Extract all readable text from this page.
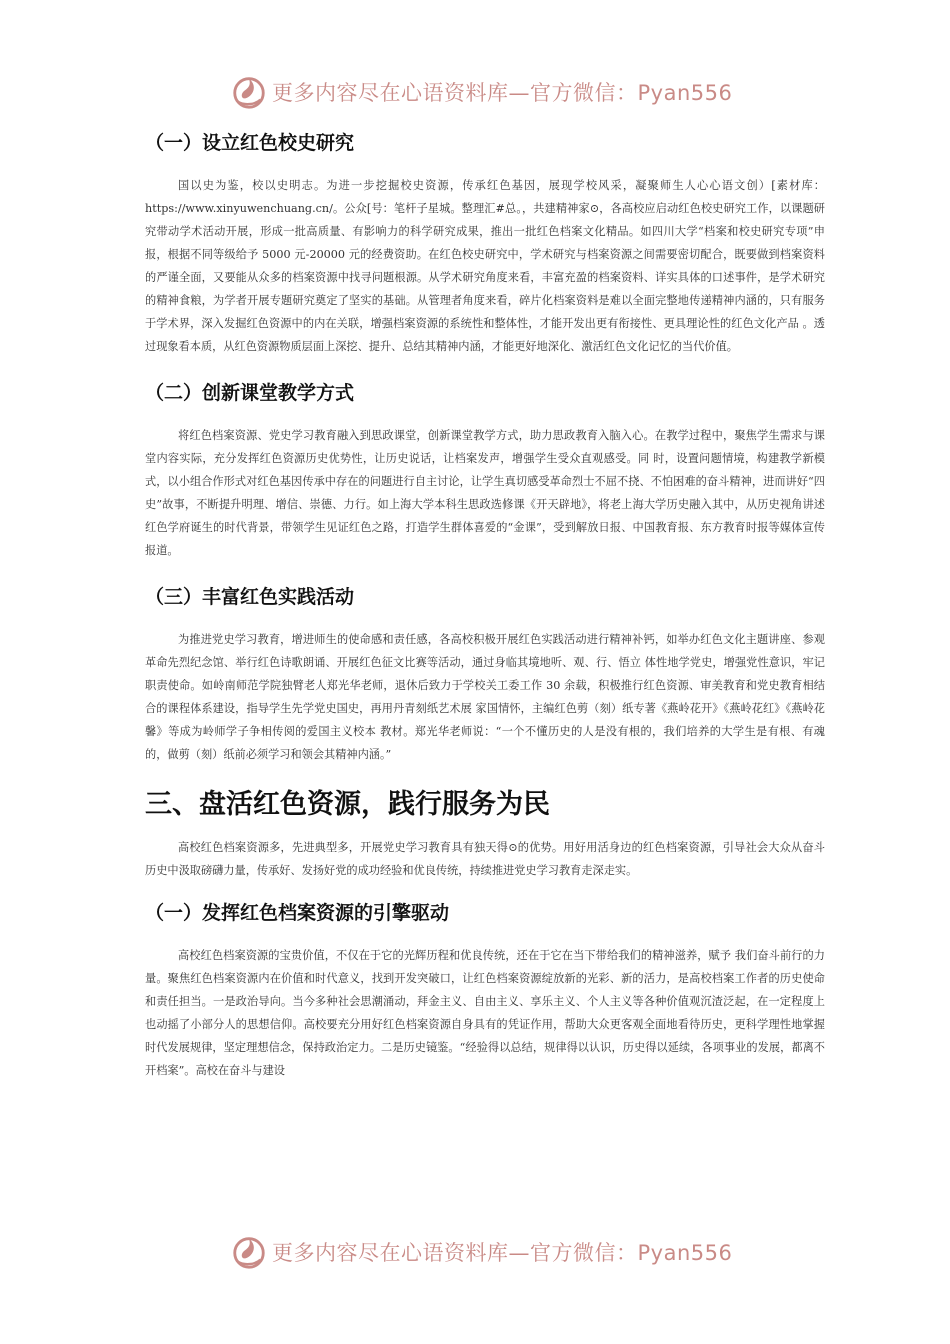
更多内容尽在心语资料库—官方微信：Pyan556
（一）设立红色校史研究

国以史为鉴，校以史明志。为进一步挖掘校史资源，传承红色基因，展现学校风采，凝聚师生人心心语文创）[素材库：https://www.xinyuwenchuang.cn/。公众[号：笔杆子星城。整理汇#总。，共建精神家⊙，各高校应启动红色校史研究工作，以课题研究带动学术活动开展，形成一批高质量、有影响力的科学研究成果，推出一批红色档案文化精品。如四川大学“档案和校史研究专项”申报，根据不同等级给予 5000 元-20000 元的经费资助。在红色校史研究中，学术研究与档案资源之间需要密切配合，既要做到档案资料的严谨全面，又要能从众多的档案资源中找寻问题根源。从学术研究角度来看，丰富充盈的档案资料、详实具体的口述事件，是学术研究的精神食粮，为学者开展专题研究奠定了坚实的基础。从管理者角度来看，碎片化档案资料是难以全面完整地传递精神内涵的，只有服务于学术界，深入发掘红色资源中的内在关联，增强档案资源的系统性和整体性，才能开发出更有衔接性、更具理论性的红色文化产品 。透过现象看本质，从红色资源物质层面上深挖、提升、总结其精神内涵，才能更好地深化、激活红色文化记忆的当代价值。

（二）创新课堂教学方式

将红色档案资源、党史学习教育融入到思政课堂，创新课堂教学方式，助力思政教育入脑入心。在教学过程中，聚焦学生需求与课堂内容实际，充分发挥红色资源历史优势性，让历史说话，让档案发声，增强学生受众直观感受。同 时，设置问题情境，构建教学新模式，以小组合作形式对红色基因传承中存在的问题进行自主讨论，让学生真切感受革命烈士不屈不挠、不怕困难的奋斗精神，进而讲好“四史”故事，不断提升明理、增信、崇德、力行。如上海大学本科生思政选修课《开天辟地》，将老上海大学历史融入其中，从历史视角讲述红色学府诞生的时代背景，带领学生见证红色之路，打造学生群体喜爱的“金课”，受到解放日报、中国教育报、东方教育时报等媒体宣传报道。

（三）丰富红色实践活动

为推进党史学习教育，增进师生的使命感和责任感，各高校积极开展红色实践活动进行精神补钙，如举办红色文化主题讲座、参观革命先烈纪念馆、举行红色诗歌朗诵、开展红色征文比赛等活动，通过身临其境地听、观、行、悟立 体性地学党史，增强党性意识，牢记职责使命。如岭南师范学院独臂老人郑光华老师，退休后致力于学校关工委工作 30 余载，积极推行红色资源、审美教育和党史教育相结合的课程体系建设，指导学生先学党史国史，再用丹青刻纸艺术展 家国情怀，主编红色剪（刻）纸专著《燕岭花开》《燕岭花红》《燕岭花馨》等成为岭师学子争相传阅的爱国主义校本 教材。郑光华老师说：“一个不懂历史的人是没有根的，我们培养的大学生是有根、有魂的，做剪（刻）纸前必须学习和领会其精神内涵。”

三、盘活红色资源，践行服务为民

高校红色档案资源多，先进典型多，开展党史学习教育具有独天得⊙的优势。用好用活身边的红色档案资源，引导社会大众从奋斗历史中汲取磅礴力量，传承好、发扬好党的成功经验和优良传统，持续推进党史学习教育走深走实。

（一）发挥红色档案资源的引擎驱动

高校红色档案资源的宝贵价值，不仅在于它的光辉历程和优良传统，还在于它在当下带给我们的精神滋养，赋予 我们奋斗前行的力量。聚焦红色档案资源内在价值和时代意义，找到开发突破口，让红色档案资源绽放新的光彩、新的活力，是高校档案工作者的历史使命和责任担当。一是政治导向。当今多种社会思潮涌动，拜金主义、自由主义、享乐主义、个人主义等各种价值观沉渣泛起，在一定程度上也动摇了小部分人的思想信仰。高校要充分用好红色档案资源自身具有的凭证作用，帮助大众更客观全面地看待历史，更科学理性地掌握时代发展规律，坚定理想信念，保持政治定力。二是历史镜鉴。“经验得以总结，规律得以认识，历史得以延续，各项事业的发展，都离不开档案”。高校在奋斗与建设

更多内容尽在心语资料库—官方微信：Pyan556
